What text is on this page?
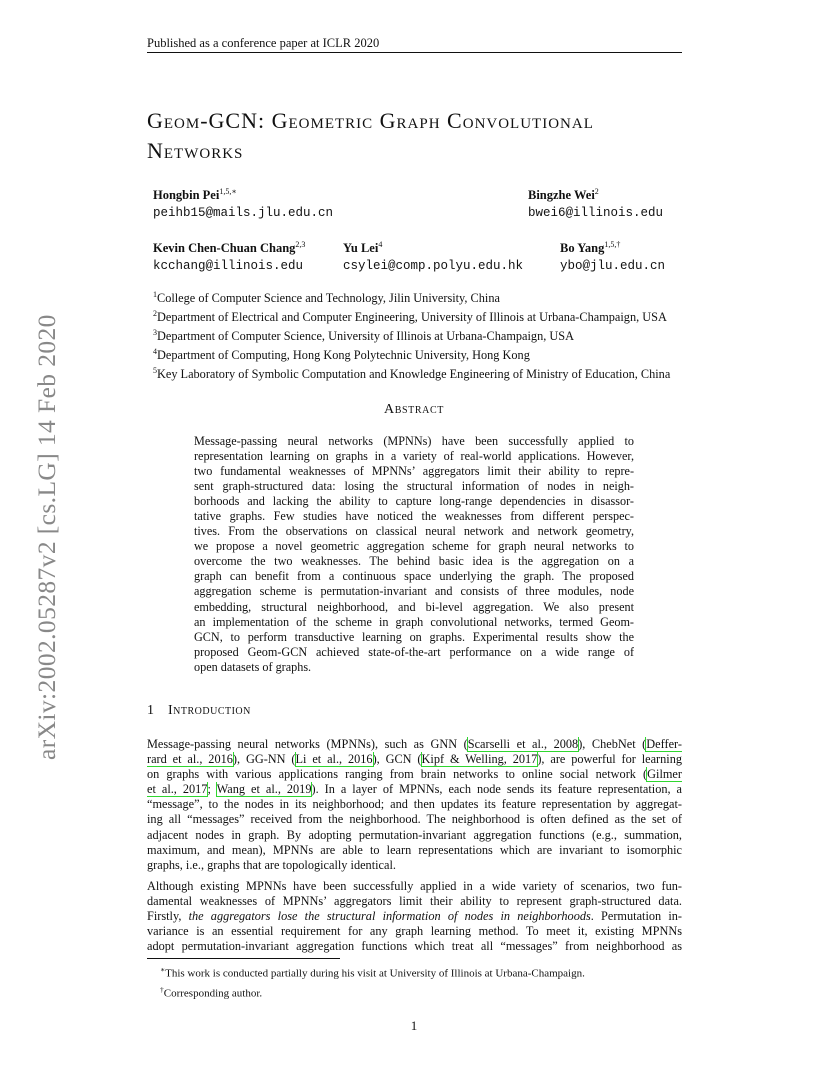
Published as a conference paper at ICLR 2020
arXiv:2002.05287v2 [cs.LG] 14 Feb 2020
Geom-GCN: Geometric Graph Convolutional
Networks
Hongbin Pei$^{1,5,∗}$
peihb15@mails.jlu.edu.cn
Bingzhe Wei$^2$
bwei6@illinois.edu
Kevin Chen-Chuan Chang$^{2,3}$
kcchang@illinois.edu
Yu Lei$^4$
csylei@comp.polyu.edu.hk
Bo Yang$^{1,5,\dagger}$
ybo@jlu.edu.cn
$^1$College of Computer Science and Technology, Jilin University, China
$^2$Department of Electrical and Computer Engineering, University of Illinois at Urbana-Champaign, USA
$^3$Department of Computer Science, University of Illinois at Urbana-Champaign, USA
$^4$Department of Computing, Hong Kong Polytechnic University, Hong Kong
$^5$Key Laboratory of Symbolic Computation and Knowledge Engineering of Ministry of Education, China
Abstract
Message-passing neural networks (MPNNs) have been successfully applied to
representation learning on graphs in a variety of real-world applications. However,
two fundamental weaknesses of MPNNs’ aggregators limit their ability to repre-
sent graph-structured data: losing the structural information of nodes in neigh-
borhoods and lacking the ability to capture long-range dependencies in disassor-
tative graphs. Few studies have noticed the weaknesses from different perspec-
tives. From the observations on classical neural network and network geometry,
we propose a novel geometric aggregation scheme for graph neural networks to
overcome the two weaknesses. The behind basic idea is the aggregation on a
graph can benefit from a continuous space underlying the graph. The proposed
aggregation scheme is permutation-invariant and consists of three modules, node
embedding, structural neighborhood, and bi-level aggregation. We also present
an implementation of the scheme in graph convolutional networks, termed Geom-
GCN, to perform transductive learning on graphs. Experimental results show the
proposed Geom-GCN achieved state-of-the-art performance on a wide range of
open datasets of graphs.
1 Introduction
Message-passing neural networks (MPNNs), such as GNN (Scarselli et al., 2008), ChebNet (Deffer-
rard et al., 2016), GG-NN (Li et al., 2016), GCN (Kipf & Welling, 2017), are powerful for learning
on graphs with various applications ranging from brain networks to online social network (Gilmer
et al., 2017; Wang et al., 2019). In a layer of MPNNs, each node sends its feature representation, a
“message”, to the nodes in its neighborhood; and then updates its feature representation by aggregat-
ing all “messages” received from the neighborhood. The neighborhood is often defined as the set of
adjacent nodes in graph. By adopting permutation-invariant aggregation functions (e.g., summation,
maximum, and mean), MPNNs are able to learn representations which are invariant to isomorphic
graphs, i.e., graphs that are topologically identical.
Although existing MPNNs have been successfully applied in a wide variety of scenarios, two fun-
damental weaknesses of MPNNs’ aggregators limit their ability to represent graph-structured data.
Firstly, the aggregators lose the structural information of nodes in neighborhoods. Permutation in-
variance is an essential requirement for any graph learning method. To meet it, existing MPNNs
adopt permutation-invariant aggregation functions which treat all “messages” from neighborhood as
∗This work is conducted partially during his visit at University of Illinois at Urbana-Champaign.
†Corresponding author.
1
